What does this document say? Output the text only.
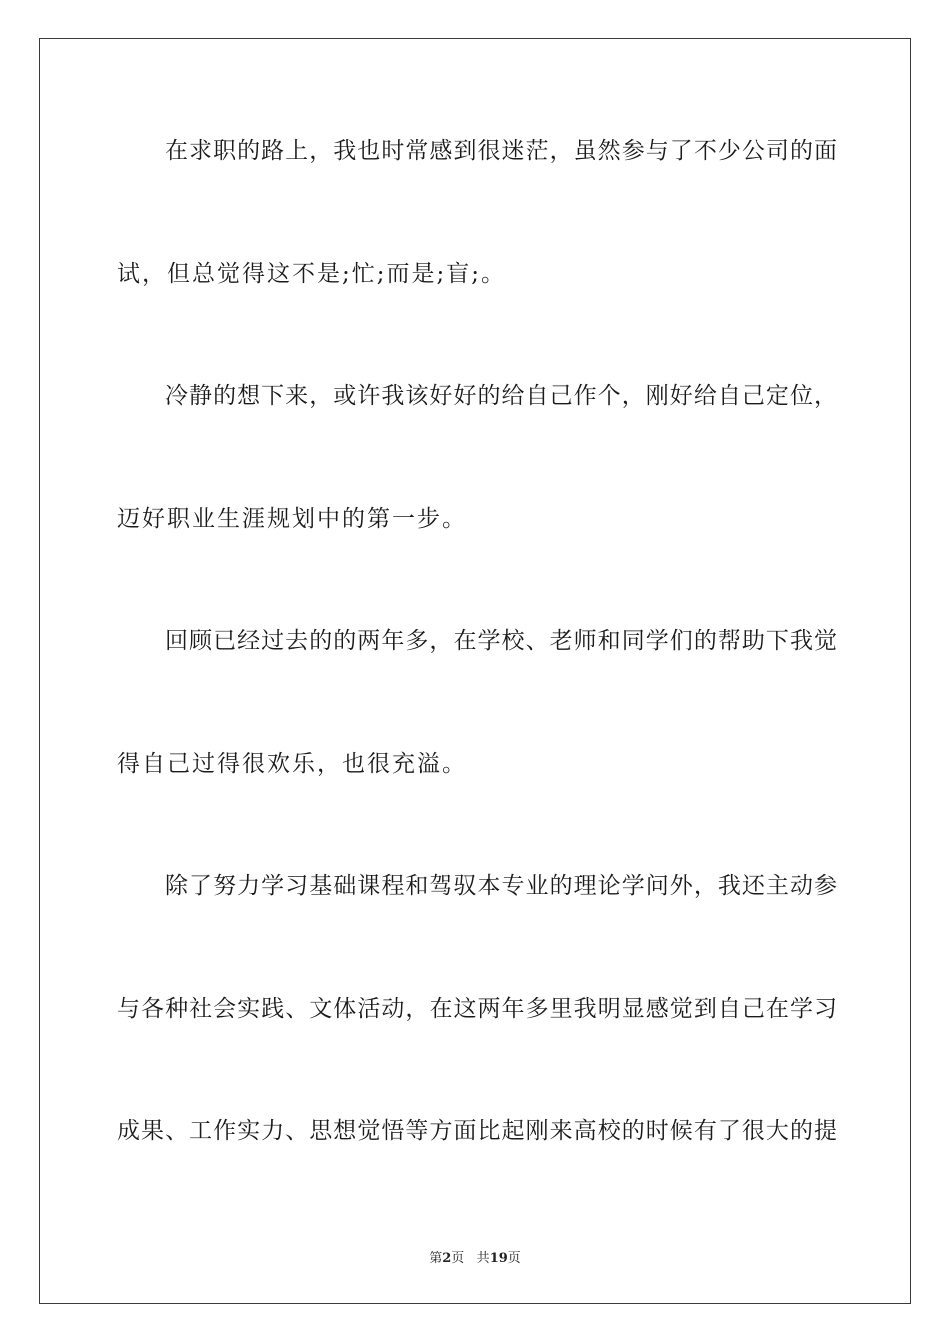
在求职的路上，我也时常感到很迷茫，虽然参与了不少公司的面
试，但总觉得这不是;忙;而是;盲;。
冷静的想下来，或许我该好好的给自己作个，刚好给自己定位，
迈好职业生涯规划中的第一步。
回顾已经过去的的两年多，在学校、老师和同学们的帮助下我觉
得自己过得很欢乐，也很充溢。
除了努力学习基础课程和驾驭本专业的理论学问外，我还主动参
与各种社会实践、文体活动，在这两年多里我明显感觉到自己在学习
成果、工作实力、思想觉悟等方面比起刚来高校的时候有了很大的提
第2页 共19页
